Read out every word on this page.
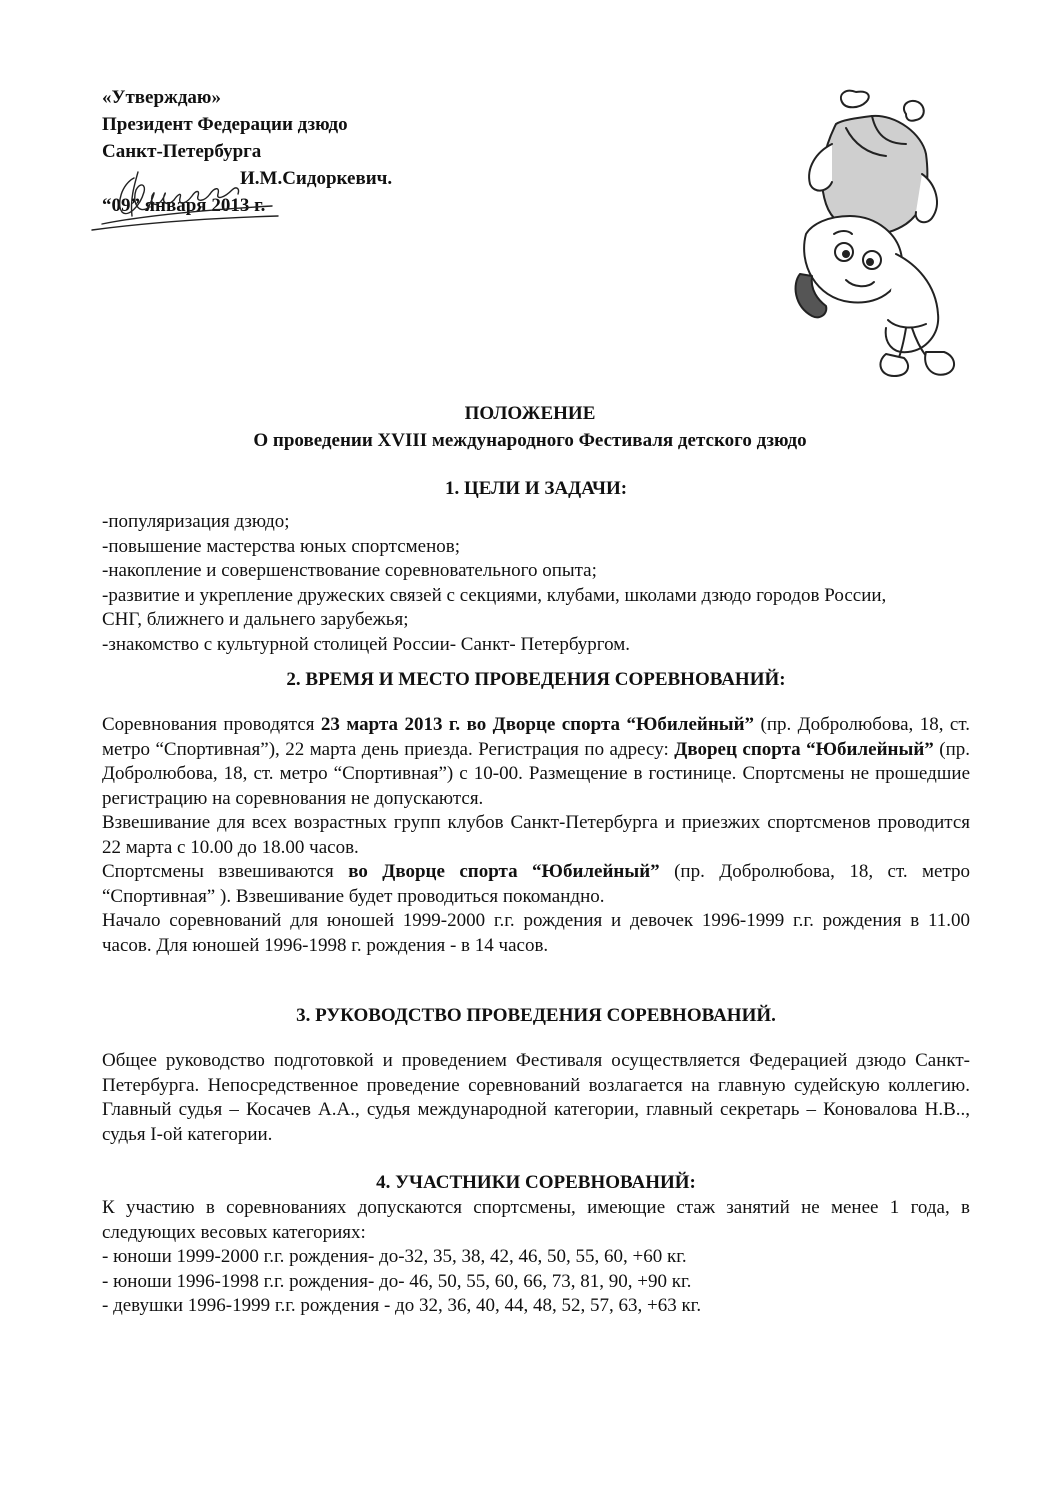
«Утверждаю»
Президент Федерации дзюдо
Санкт-Петербурга
И.М.Сидоркевич.
“09” января 2013 г.
ПОЛОЖЕНИЕ
О проведении XVIII международного Фестиваля детского дзюдо
1. ЦЕЛИ И ЗАДАЧИ:
-популяризация дзюдо;
-повышение мастерства юных спортсменов;
-накопление и совершенствование соревновательного опыта;
-развитие и укрепление дружеских связей с секциями, клубами, школами дзюдо городов России,
СНГ, ближнего и дальнего зарубежья;
-знакомство с культурной столицей России- Санкт- Петербургом.
2. ВРЕМЯ И МЕСТО ПРОВЕДЕНИЯ СОРЕВНОВАНИЙ:

Соревнования проводятся 23 марта 2013 г. во Дворце спорта “Юбилейный” (пр. Добролюбова, 18, ст. метро “Спортивная”), 22 марта день приезда. Регистрация по адресу: Дворец спорта “Юбилейный” (пр. Добролюбова, 18, ст. метро “Спортивная”) с 10-00. Размещение в гостинице. Спортсмены не прошедшие регистрацию на соревнования не допускаются.

Взвешивание для всех возрастных групп клубов Санкт-Петербурга и приезжих спортсменов проводится 22 марта с 10.00 до 18.00 часов.

Спортсмены взвешиваются во Дворце спорта “Юбилейный” (пр. Добролюбова, 18, ст. метро “Спортивная” ). Взвешивание будет проводиться покомандно.

Начало соревнований для юношей 1999-2000 г.г. рождения и девочек 1996-1999 г.г. рождения в 11.00 часов. Для юношей 1996-1998 г. рождения - в 14 часов.

3. РУКОВОДСТВО ПРОВЕДЕНИЯ СОРЕВНОВАНИЙ.

Общее руководство подготовкой и проведением Фестиваля осуществляется Федерацией дзюдо Санкт-Петербурга. Непосредственное проведение соревнований возлагается на главную судейскую коллегию. Главный судья – Косачев А.А., судья международной категории, главный секретарь – Коновалова Н.В.., судья I-ой категории.

4. УЧАСТНИКИ СОРЕВНОВАНИЙ:

К участию в соревнованиях допускаются спортсмены, имеющие стаж занятий не менее 1 года, в следующих весовых категориях:

- юноши 1999-2000 г.г. рождения- до-32, 35, 38, 42, 46, 50, 55, 60, +60 кг.
- юноши 1996-1998 г.г. рождения- до- 46, 50, 55, 60, 66, 73, 81, 90, +90 кг.
- девушки 1996-1999 г.г. рождения - до 32, 36, 40, 44, 48, 52, 57, 63, +63 кг.
